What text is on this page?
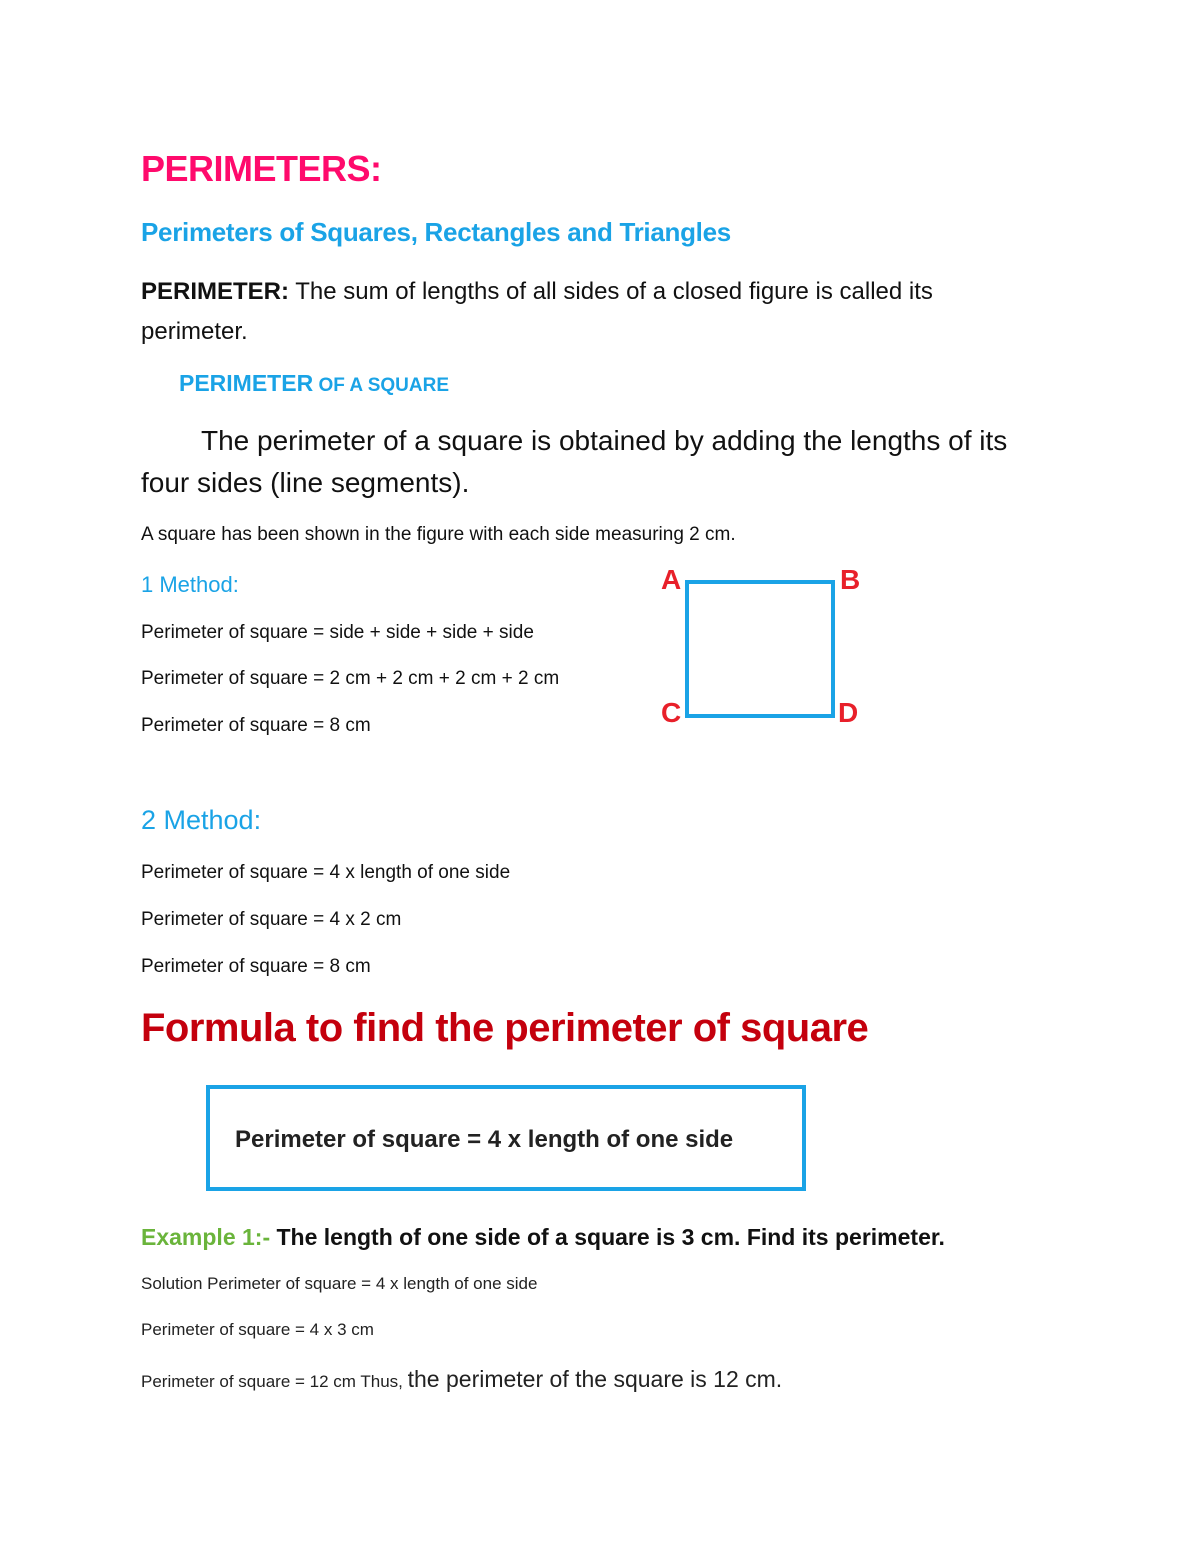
PERIMETERS:
Perimeters of Squares, Rectangles and Triangles
PERIMETER: The sum of lengths of all sides of a closed figure is called its
perimeter.
PERIMETER OF A SQUARE
The perimeter of a square is obtained by adding the lengths of its
four sides (line segments).
A square has been shown in the figure with each side measuring 2 cm.
1 Method:
Perimeter of square = side + side + side + side
Perimeter of square = 2 cm + 2 cm + 2 cm + 2 cm
Perimeter of square = 8 cm
A	B
C	D
2 Method:
Perimeter of square = 4 x length of one side
Perimeter of square = 4 x 2 cm
Perimeter of square = 8 cm
Formula to find the perimeter of square
Perimeter of square = 4 x length of one side
Example 1:- The length of one side of a square is 3 cm. Find its perimeter.
Solution Perimeter of square = 4 x length of one side
Perimeter of square = 4 x 3 cm
Perimeter of square = 12 cm Thus, the perimeter of the square is 12 cm.
